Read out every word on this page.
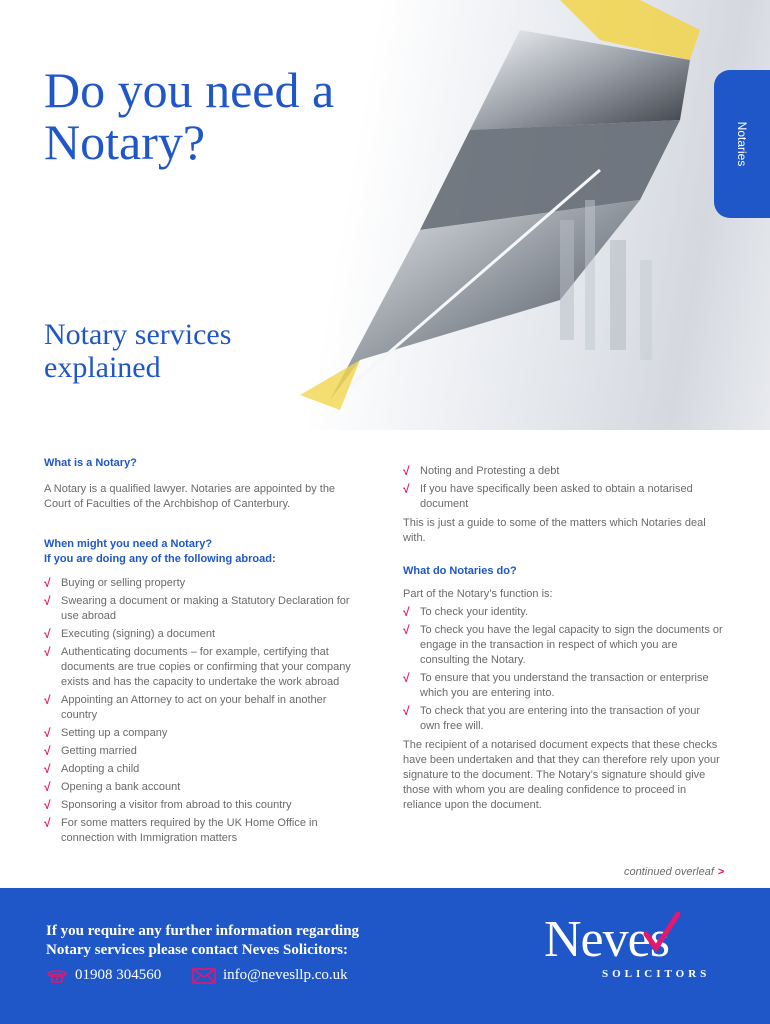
Do you need a Notary?
Notary services explained
Notaries
What is a Notary?

A Notary is a qualified lawyer. Notaries are appointed by the Court of Faculties of the Archbishop of Canterbury.

When might you need a Notary?
If you are doing any of the following abroad:
√ Buying or selling property
√ Swearing a document or making a Statutory Declaration for use abroad
√ Executing (signing) a document
√ Authenticating documents – for example, certifying that documents are true copies or confirming that your company exists and has the capacity to undertake the work abroad
√ Appointing an Attorney to act on your behalf in another country
√ Setting up a company
√ Getting married
√ Adopting a child
√ Opening a bank account
√ Sponsoring a visitor from abroad to this country
√ For some matters required by the UK Home Office in connection with Immigration matters
√ Noting and Protesting a debt
√ If you have specifically been asked to obtain a notarised document

This is just a guide to some of the matters which Notaries deal with.

What do Notaries do?

Part of the Notary’s function is:

√ To check your identity.
√ To check you have the legal capacity to sign the documents or engage in the transaction in respect of which you are consulting the Notary.
√ To ensure that you understand the transaction or enterprise which you are entering into.
√ To check that you are entering into the transaction of your own free will.

The recipient of a notarised document expects that these checks have been undertaken and that they can therefore rely upon your signature to the document. The Notary’s signature should give those with whom you are dealing confidence to proceed in reliance upon the document.

continued overleaf >
If you require any further information regarding
Notary services please contact Neves Solicitors:
01908 304560	info@nevesllp.co.uk
Neves
SOLICITORS
